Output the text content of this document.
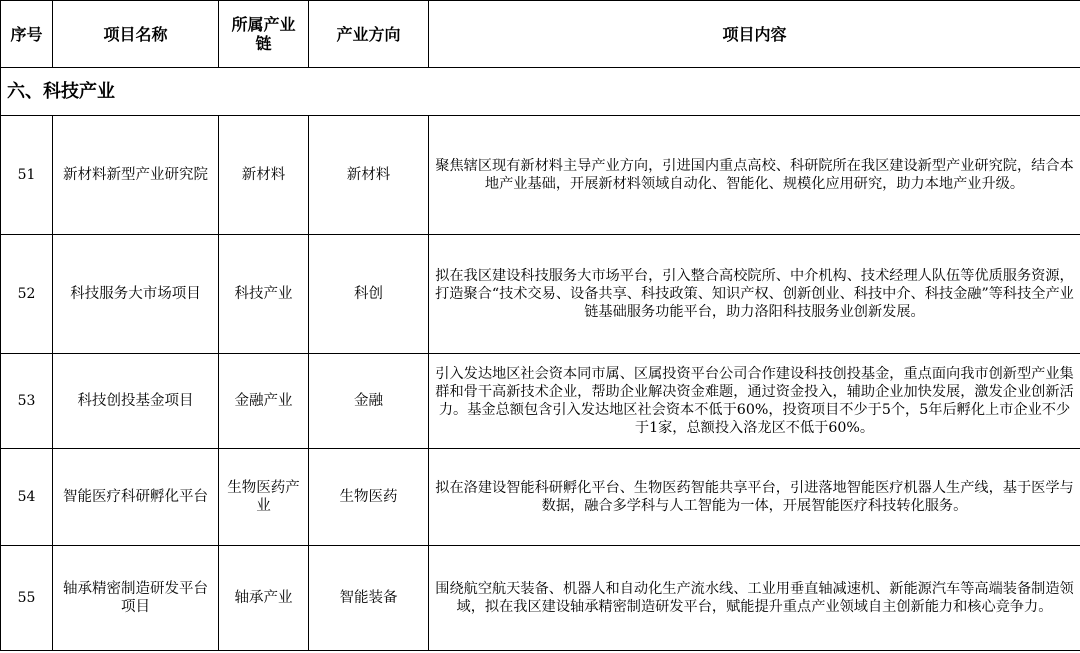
序号	项目名称	所属产业链	产业方向	项目内容
六、科技产业				
51	新材料新型产业研究院	新材料	新材料	聚焦辖区现有新材料主导产业方向，引进国内重点高校、科研院所在我区建设新型产业研究院，结合本地产业基础，开展新材料领域自动化、智能化、规模化应用研究，助力本地产业升级。
52	科技服务大市场项目	科技产业	科创	拟在我区建设科技服务大市场平台，引入整合高校院所、中介机构、技术经理人队伍等优质服务资源，打造聚合“技术交易、设备共享、科技政策、知识产权、创新创业、科技中介、科技金融”等科技全产业链基础服务功能平台，助力洛阳科技服务业创新发展。
53	科技创投基金项目	金融产业	金融	引入发达地区社会资本同市属、区属投资平台公司合作建设科技创投基金，重点面向我市创新型产业集群和骨干高新技术企业，帮助企业解决资金难题，通过资金投入，辅助企业加快发展，激发企业创新活力。基金总额包含引入发达地区社会资本不低于60%，投资项目不少于5个，5年后孵化上市企业不少于1家，总额投入洛龙区不低于60%。
54	智能医疗科研孵化平台	生物医药产业	生物医药	拟在洛建设智能科研孵化平台、生物医药智能共享平台，引进落地智能医疗机器人生产线，基于医学与数据，融合多学科与人工智能为一体，开展智能医疗科技转化服务。
55	轴承精密制造研发平台项目	轴承产业	智能装备	围绕航空航天装备、机器人和自动化生产流水线、工业用垂直轴减速机、新能源汽车等高端装备制造领域，拟在我区建设轴承精密制造研发平台，赋能提升重点产业领域自主创新能力和核心竞争力。
